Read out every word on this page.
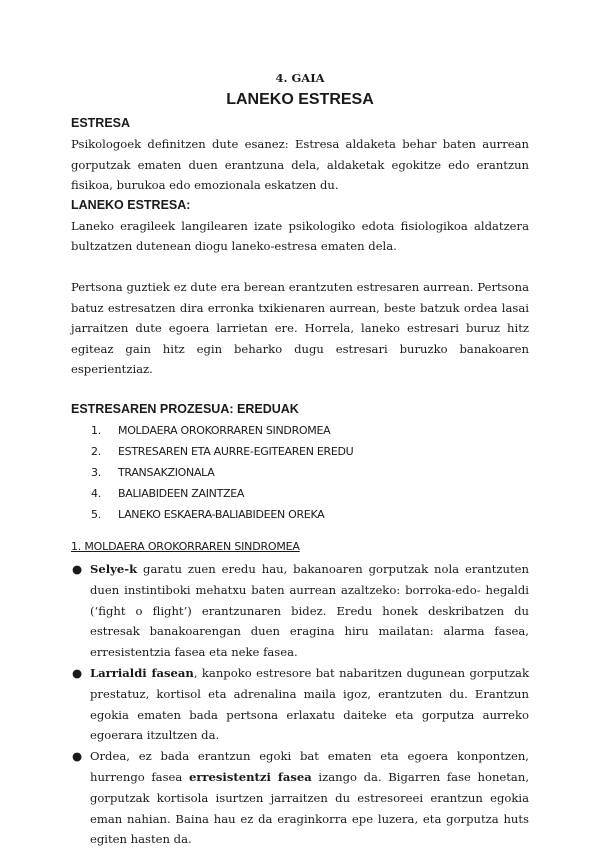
4. GAIA
LANEKO ESTRESA
ESTRESA

Psikologoek definitzen dute esanez: Estresa aldaketa behar baten aurrean gorputzak ematen duen erantzuna dela, aldaketak egokitze edo erantzun fisikoa, burukoa edo emozionala eskatzen du.

LANEKO ESTRESA:

Laneko eragileek langilearen izate psikologiko edota fisiologikoa aldatzera bultzatzen dutenean diogu laneko-estresa ematen dela.

Pertsona guztiek ez dute era berean erantzuten estresaren aurrean. Pertsona batuz estresatzen dira erronka txikienaren aurrean, beste batzuk ordea lasai jarraitzen dute egoera larrietan ere. Horrela, laneko estresari buruz hitz egiteaz gain hitz egin beharko dugu estresari buruzko banakoaren esperientziaz.

ESTRESAREN PROZESUA: EREDUAK
1. MOLDAERA OROKORRAREN SINDROMEA
2. ESTRESAREN ETA AURRE-EGITEAREN EREDU
3. TRANSAKZIONALA
4. BALIABIDEEN ZAINTZEA
5. LANEKO ESKAERA-BALIABIDEEN OREKA
1. MOLDAERA OROKORRAREN SINDROMEA
● Selye-k garatu zuen eredu hau, bakanoaren gorputzak nola erantzuten duen instintiboki mehatxu baten aurrean azaltzeko: borroka-edo- hegaldi (‘fight o flight’) erantzunaren bidez. Eredu honek deskribatzen du estresak banakoarengan duen eragina hiru mailatan: alarma fasea, erresistentzia fasea eta neke fasea.
● Larrialdi fasean, kanpoko estresore bat nabaritzen dugunean gorputzak prestatuz, kortisol eta adrenalina maila igoz, erantzuten du. Erantzun egokia ematen bada pertsona erlaxatu daiteke eta gorputza aurreko egoerara itzultzen da.
● Ordea, ez bada erantzun egoki bat ematen eta egoera konpontzen, hurrengo fasea erresistentzi fasea izango da. Bigarren fase honetan, gorputzak kortisola isurtzen jarraitzen du estresoreei erantzun egokia eman nahian. Baina hau ez da eraginkorra epe luzera, eta gorputza huts egiten hasten da.
